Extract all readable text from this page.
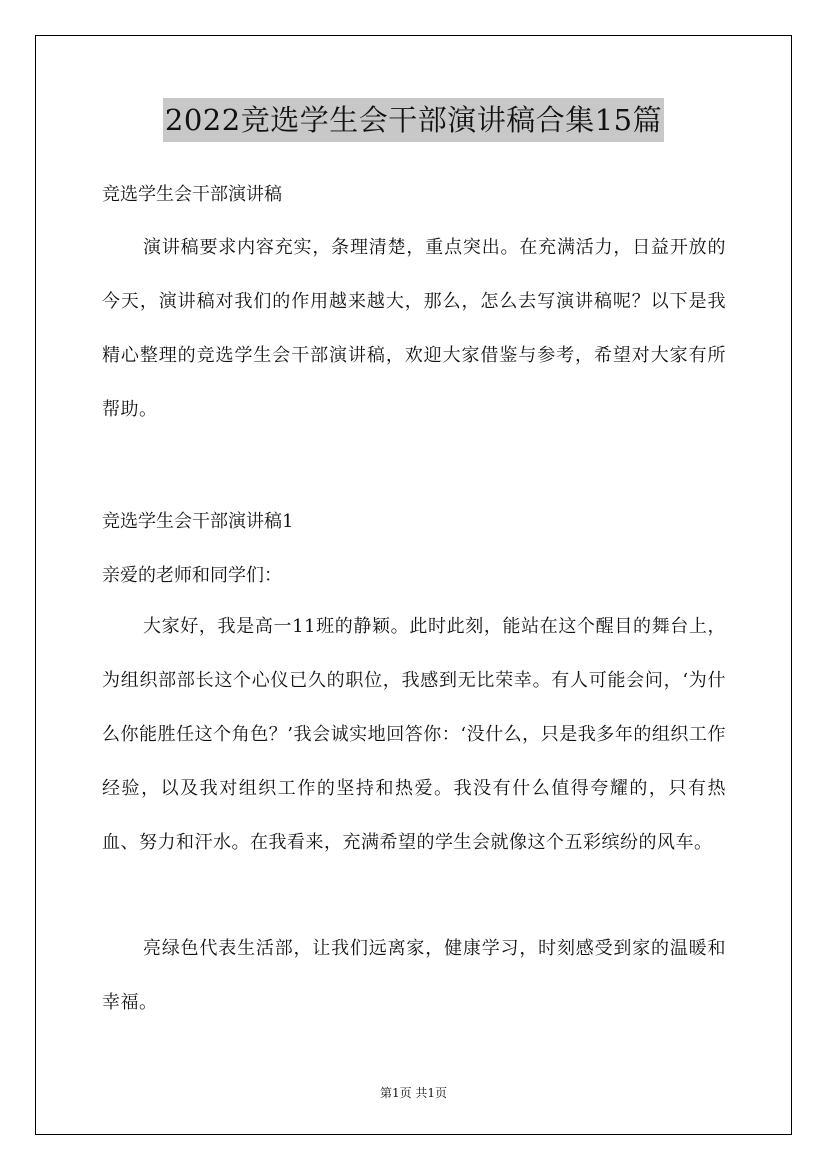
2022竞选学生会干部演讲稿合集15篇

竞选学生会干部演讲稿

演讲稿要求内容充实，条理清楚，重点突出。在充满活力，日益开放的今天，演讲稿对我们的作用越来越大，那么，怎么去写演讲稿呢？以下是我精心整理的竞选学生会干部演讲稿，欢迎大家借鉴与参考，希望对大家有所帮助。

竞选学生会干部演讲稿1

亲爱的老师和同学们：

大家好，我是高一11班的静颖。此时此刻，能站在这个醒目的舞台上，为组织部部长这个心仪已久的职位，我感到无比荣幸。有人可能会问，‘为什么你能胜任这个角色？’我会诚实地回答你：‘没什么，只是我多年的组织工作经验，以及我对组织工作的坚持和热爱。我没有什么值得夸耀的，只有热血、努力和汗水。在我看来，充满希望的学生会就像这个五彩缤纷的风车。

亮绿色代表生活部，让我们远离家，健康学习，时刻感受到家的温暖和幸福。

第1页 共1页
